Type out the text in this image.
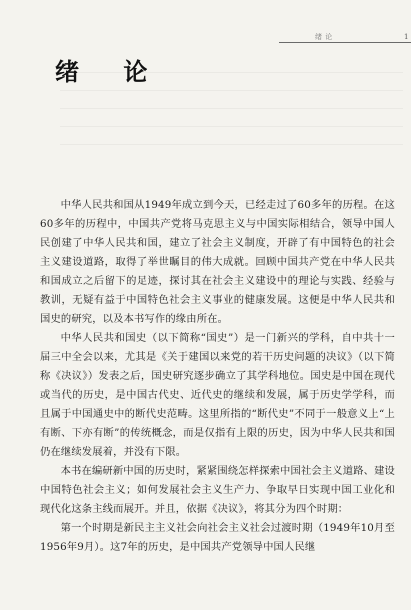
绪 论	1
绪 论

中华人民共和国从1949年成立到今天，已经走过了60多年的历程。在这60多年的历程中，中国共产党将马克思主义与中国实际相结合，领导中国人民创建了中华人民共和国，建立了社会主义制度，开辟了有中国特色的社会主义建设道路，取得了举世瞩目的伟大成就。回顾中国共产党在中华人民共和国成立之后留下的足迹，探讨其在社会主义建设中的理论与实践、经验与教训，无疑有益于中国特色社会主义事业的健康发展。这便是中华人民共和国史的研究，以及本书写作的缘由所在。

中华人民共和国史（以下简称“国史”）是一门新兴的学科，自中共十一届三中全会以来，尤其是《关于建国以来党的若干历史问题的决议》（以下简称《决议》）发表之后，国史研究逐步确立了其学科地位。国史是中国在现代或当代的历史，是中国古代史、近代史的继续和发展，属于历史学学科，而且属于中国通史中的断代史范畴。这里所指的“断代史”不同于一般意义上“上有断、下亦有断”的传统概念，而是仅指有上限的历史，因为中华人民共和国仍在继续发展着，并没有下限。

本书在编研新中国的历史时，紧紧围绕怎样探索中国社会主义道路、建设中国特色社会主义；如何发展社会主义生产力、争取早日实现中国工业化和现代化这条主线而展开。并且，依据《决议》，将其分为四个时期：

第一个时期是新民主主义社会向社会主义社会过渡时期（1949年10月至1956年9月）。这7年的历史，是中国共产党领导中国人民继
